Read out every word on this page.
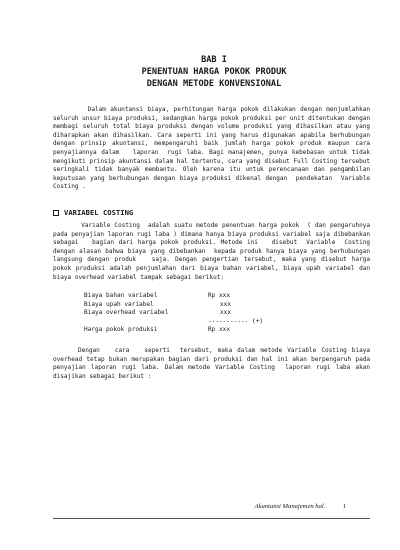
BAB I
PENENTUAN HARGA POKOK PRODUK
DENGAN METODE KONVENSIONAL
Dalam akuntansi biaya, perhitungan harga pokok dilakukan dengan menjumlahkan seluruh unsur biaya produksi, sedangkan harga pokok produksi per unit ditentukan dengan membagi seluruh total biaya produksi dengan volume produksi yang dihasilkan atau yang diharapkan akan dihasilkan. Cara seperti ini yang harus digunakan apabila berhubungan dengan prinsip akuntansi, mempengaruhi baik jumlah harga pokok produk maupun cara penyajiannya dalam   laporan  rugi laba. Bagi manajemen, punya kebebasan untuk tidak mengikuti prinsip akuntansi dalam hal tertentu, cara yang disebut Full Costing tersebut seringkali tidak banyak membantu. Oleh karena itu untuk perencanaan dan pengambilan keputusan yang berhubungan dengan biaya produksi dikenal dengan  pendekatan  Variable Costing .
VARIABEL COSTING
Variable Costing  adalah suatu metode penentuan harga pokok  ( dan pengaruhnya    pada penyajian laporan rugi laba ) dimana hanya biaya produksi variabel saja dibebankan sebagai   bagian dari harga pokok produksi. Metode ini   disebut  Variable  Costing  dengan alasan bahwa biaya yang dibebankan  kepada produk hanya biaya yang berhubungan langsung dengan produk   saja. Dengan pengertian tersebut, maka yang disebut harga pokok produksi adalah penjumlahan dari biaya bahan variabel, biaya upah variabel dan  biaya overhead variabel tampak sebagai berikut:
Biaya bahan variabel	Rp xxx
Biaya upah variabel	xxx
Biaya overhead variabel	xxx
----------- (+)
Harga pokok produksi	Rp xxx
Dengan   cara   seperti  tersebut, maka dalam metode Variable Costing biaya overhead tetap bukan merupakan bagian dari produksi dan hal ini akan berpengaruh pada penyajian laporan rugi laba. Dalam metode Variable Costing  laporan rugi laba akan disajikan sebagai berikut :
Akuntansi Manajemen hal.	1
